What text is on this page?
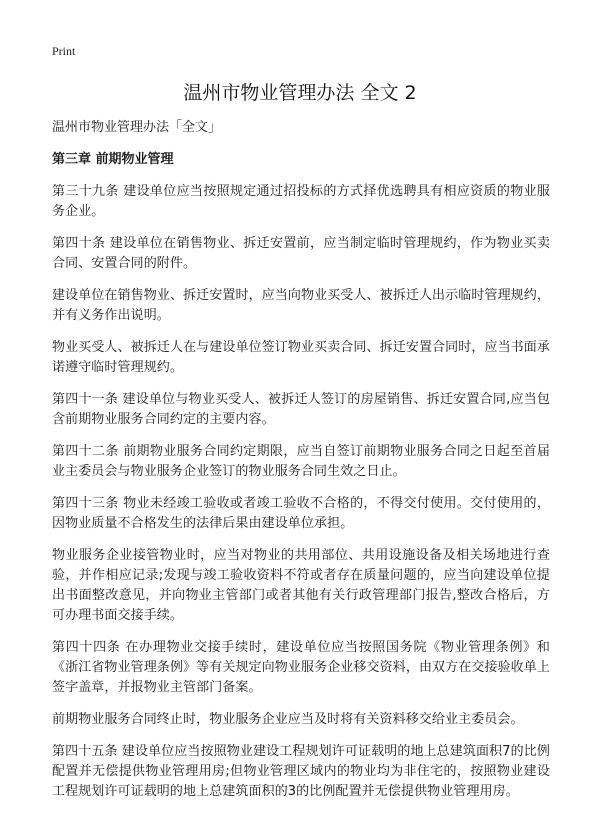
Print
温州市物业管理办法 全文 2

温州市物业管理办法「全文」

第三章 前期物业管理

第三十九条 建设单位应当按照规定通过招投标的方式择优选聘具有相应资质的物业服务企业。

第四十条 建设单位在销售物业、拆迁安置前，应当制定临时管理规约，作为物业买卖合同、安置合同的附件。

建设单位在销售物业、拆迁安置时，应当向物业买受人、被拆迁人出示临时管理规约，并有义务作出说明。

物业买受人、被拆迁人在与建设单位签订物业买卖合同、拆迁安置合同时，应当书面承诺遵守临时管理规约。

第四十一条 建设单位与物业买受人、被拆迁人签订的房屋销售、拆迁安置合同,应当包含前期物业服务合同约定的主要内容。

第四十二条 前期物业服务合同约定期限，应当自签订前期物业服务合同之日起至首届业主委员会与物业服务企业签订的物业服务合同生效之日止。

第四十三条 物业未经竣工验收或者竣工验收不合格的，不得交付使用。交付使用的，因物业质量不合格发生的法律后果由建设单位承担。

物业服务企业接管物业时，应当对物业的共用部位、共用设施设备及相关场地进行查验，并作相应记录;发现与竣工验收资料不符或者存在质量问题的，应当向建设单位提出书面整改意见，并向物业主管部门或者其他有关行政管理部门报告,整改合格后，方可办理书面交接手续。

第四十四条 在办理物业交接手续时，建设单位应当按照国务院《物业管理条例》和《浙江省物业管理条例》等有关规定向物业服务企业移交资料，由双方在交接验收单上签字盖章，并报物业主管部门备案。

前期物业服务合同终止时，物业服务企业应当及时将有关资料移交给业主委员会。

第四十五条 建设单位应当按照物业建设工程规划许可证载明的地上总建筑面积7的比例配置并无偿提供物业管理用房;但物业管理区域内的物业均为非住宅的，按照物业建设工程规划许可证载明的地上总建筑面积的3的比例配置并无偿提供物业管理用房。
